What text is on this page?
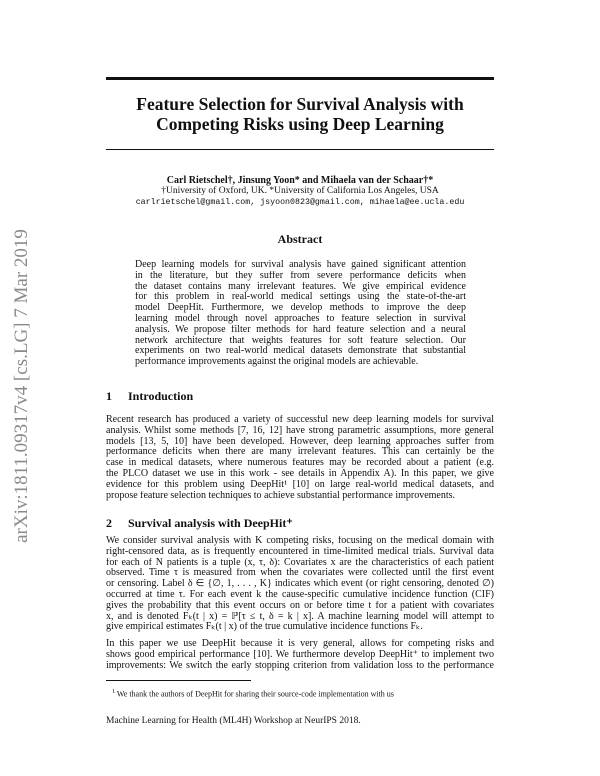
arXiv:1811.09317v4 [cs.LG] 7 Mar 2019
Feature Selection for Survival Analysis with
Competing Risks using Deep Learning
Carl Rietschel†, Jinsung Yoon* and Mihaela van der Schaar†*
†University of Oxford, UK. *University of California Los Angeles, USA
carlrietschel@gmail.com, jsyoon0823@gmail.com, mihaela@ee.ucla.edu
Abstract
Deep learning models for survival analysis have gained significant attention
in the literature, but they suffer from severe performance deficits when
the dataset contains many irrelevant features. We give empirical evidence
for this problem in real-world medical settings using the state-of-the-art
model DeepHit. Furthermore, we develop methods to improve the deep
learning model through novel approaches to feature selection in survival
analysis. We propose filter methods for hard feature selection and a neural
network architecture that weights features for soft feature selection. Our
experiments on two real-world medical datasets demonstrate that substantial
performance improvements against the original models are achievable.
1 Introduction
Recent research has produced a variety of successful new deep learning models for survival
analysis. Whilst some methods [7, 16, 12] have strong parametric assumptions, more general
models [13, 5, 10] have been developed. However, deep learning approaches suffer from
performance deficits when there are many irrelevant features. This can certainly be the
case in medical datasets, where numerous features may be recorded about a patient (e.g.
the PLCO dataset we use in this work - see details in Appendix A). In this paper, we give
evidence for this problem using DeepHit¹ [10] on large real-world medical datasets, and
propose feature selection techniques to achieve substantial performance improvements.
2 Survival analysis with DeepHit⁺
We consider survival analysis with K competing risks, focusing on the medical domain with
right-censored data, as is frequently encountered in time-limited medical trials. Survival data
for each of N patients is a tuple (x, τ, δ): Covariates x are the characteristics of each patient
observed. Time τ is measured from when the covariates were collected until the first event
or censoring. Label δ ∈ {∅, 1, . . . , K} indicates which event (or right censoring, denoted ∅)
occurred at time τ. For each event k the cause-specific cumulative incidence function (CIF)
gives the probability that this event occurs on or before time t for a patient with covariates
x, and is denoted Fₖ(t | x) = ℙ[τ ≤ t, δ = k | x]. A machine learning model will attempt to
give empirical estimates F̂ₖ(t | x) of the true cumulative incidence functions Fₖ.
In this paper we use DeepHit because it is very general, allows for competing risks and
shows good empirical performance [10]. We furthermore develop DeepHit⁺ to implement two
improvements: We switch the early stopping criterion from validation loss to the performance
$^1$ We thank the authors of DeepHit for sharing their source-code implementation with us
Machine Learning for Health (ML4H) Workshop at NeurIPS 2018.
